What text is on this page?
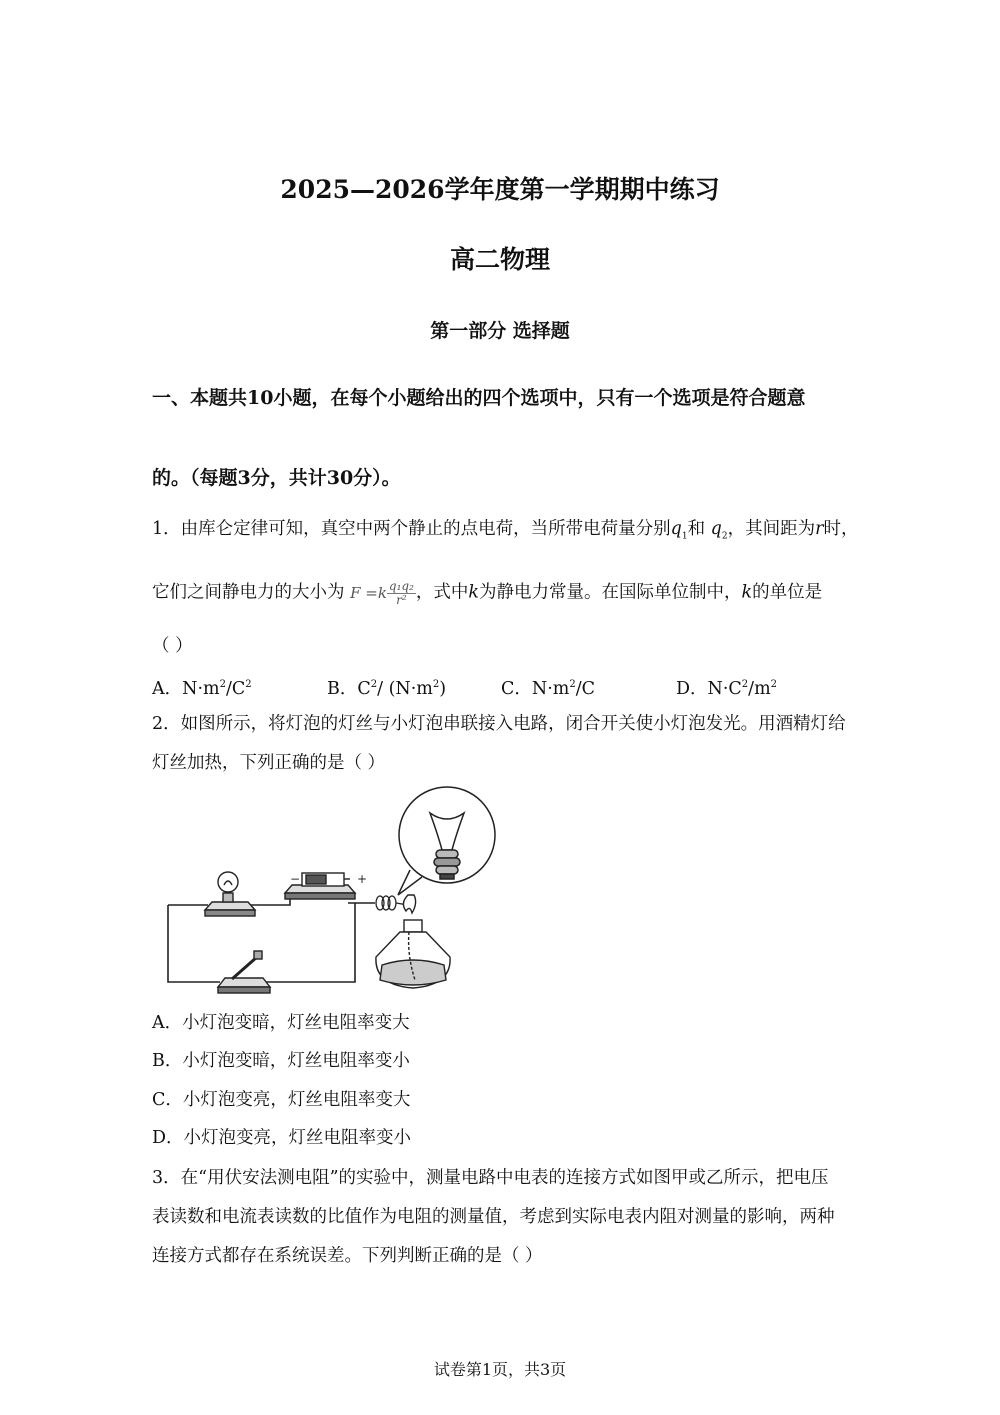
2025—2026学年度第一学期期中练习
高二物理
第一部分 选择题
一、本题共10小题，在每个小题给出的四个选项中，只有一个选项是符合题意
的。（每题3分，共计30分）。
1．由库仑定律可知，真空中两个静止的点电荷，当所带电荷量分别$q_1$和 $q_2$，其间距为r时，
它们之间静电力的大小为 $F =k \frac{\text{q₁q₂}}{\text{r²}}$ ，式中k为静电力常量。在国际单位制中，k的单位是
（ ）
A．$N\cdot m^2/C^2$	B．$C^2/$ $(N\cdot m^2)$	C．$N\cdot m^2/C$	D．$N\cdot C^2/m^2$
2．如图所示，将灯泡的灯丝与小灯泡串联接入电路，闭合开关使小灯泡发光。用酒精灯给
灯丝加热，下列正确的是（ ）
−	+
A．小灯泡变暗，灯丝电阻率变大
B．小灯泡变暗，灯丝电阻率变小
C．小灯泡变亮，灯丝电阻率变大
D．小灯泡变亮，灯丝电阻率变小
3．在“用伏安法测电阻”的实验中，测量电路中电表的连接方式如图甲或乙所示，把电压
表读数和电流表读数的比值作为电阻的测量值，考虑到实际电表内阻对测量的影响，两种
连接方式都存在系统误差。下列判断正确的是（ ）
试卷第1页，共3页
